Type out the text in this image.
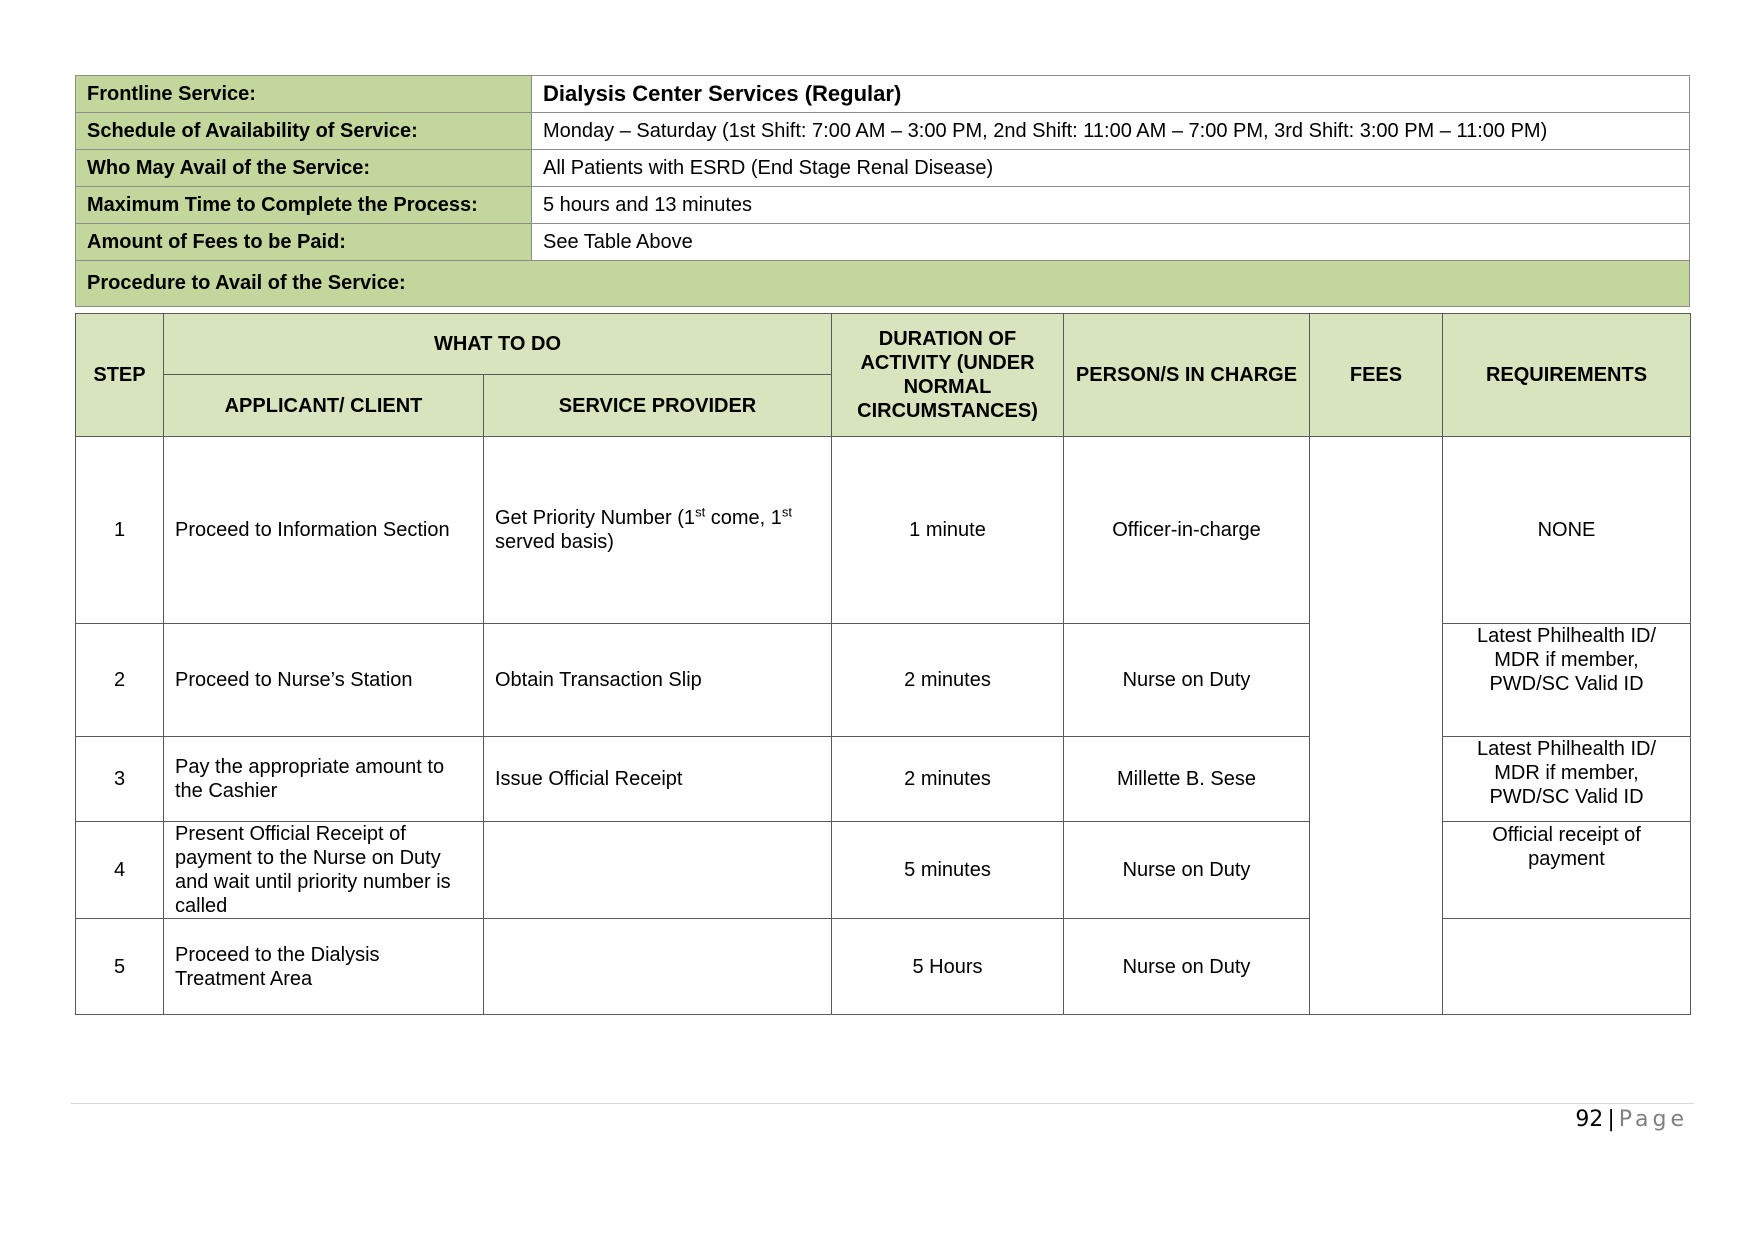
Frontline Service:	Dialysis Center Services (Regular)
Schedule of Availability of Service:	Monday – Saturday (1st Shift: 7:00 AM – 3:00 PM, 2nd Shift: 11:00 AM – 7:00 PM, 3rd Shift: 3:00 PM – 11:00 PM)
Who May Avail of the Service:	All Patients with ESRD (End Stage Renal Disease)
Maximum Time to Complete the Process:	5 hours and 13 minutes
Amount of Fees to be Paid:	See Table Above
Procedure to Avail of the Service:	
STEP	WHAT TO DO		DURATION OF ACTIVITY (UNDER NORMAL CIRCUMSTANCES)	PERSON/S IN CHARGE	FEES	REQUIREMENTS
	APPLICANT/ CLIENT	SERVICE PROVIDER				
1	Proceed to Information Section	Get Priority Number (1st come, 1st served basis)	1 minute	Officer-in-charge		NONE
2	Proceed to Nurse’s Station	Obtain Transaction Slip	2 minutes	Nurse on Duty		Latest Philhealth ID/ MDR if member, PWD/SC Valid ID
3	Pay the appropriate amount to the Cashier	Issue Official Receipt	2 minutes	Millette B. Sese		Latest Philhealth ID/ MDR if member, PWD/SC Valid ID
4	Present Official Receipt of payment to the Nurse on Duty and wait until priority number is called		5 minutes	Nurse on Duty		Official receipt of payment
5	Proceed to the Dialysis Treatment Area		5 Hours	Nurse on Duty		
92 | Page
